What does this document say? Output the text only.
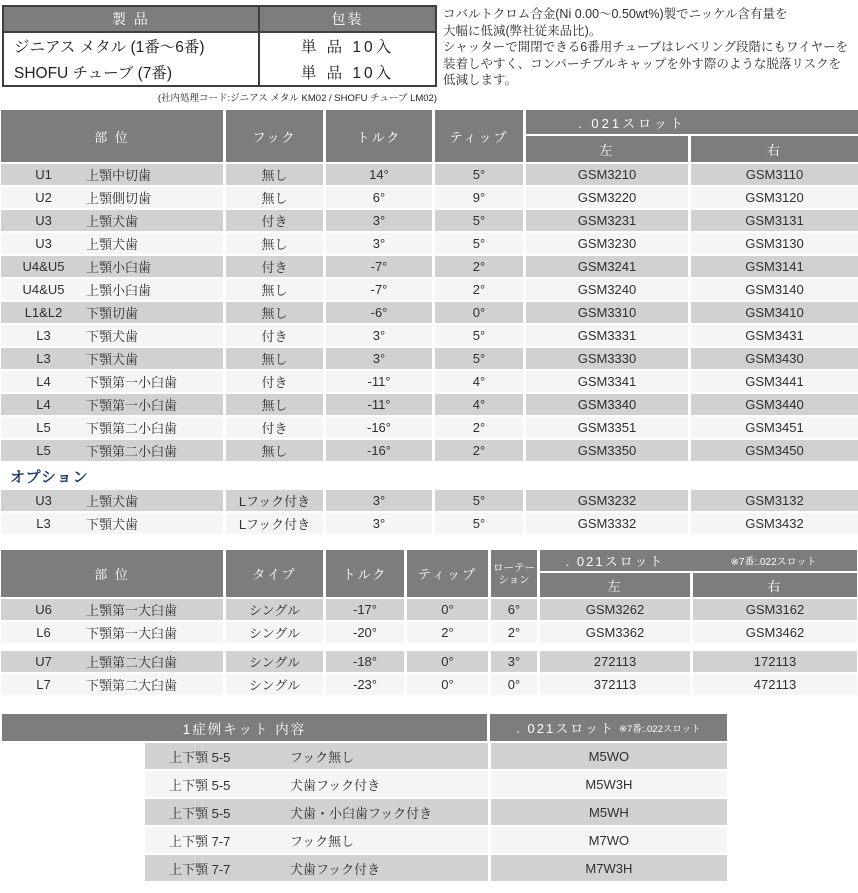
製 品	包装
ジニアス メタル (1番〜6番)	単 品 10入
SHOFU チューブ (7番)	単 品 10入
(社内処理コード:ジニアス メタル KM02 / SHOFU チューブ LM02)
コバルトクロム合金(Ni 0.00〜0.50wt%)製でニッケル含有量を
大幅に低減(弊社従来品比)。
シャッターで開閉できる6番用チューブはレベリング段階にもワイヤーを
装着しやすく、コンパーチブルキャップを外す際のような脱落リスクを
低減します。
部 位	フック	トルク	ティップ
. 021スロット
左	右
U1	上顎中切歯	無し	14°	5°	GSM3210	GSM3110
U2	上顎側切歯	無し	6°	9°	GSM3220	GSM3120
U3	上顎犬歯	付き	3°	5°	GSM3231	GSM3131
U3	上顎犬歯	無し	3°	5°	GSM3230	GSM3130
U4&U5	上顎小臼歯	付き	-7°	2°	GSM3241	GSM3141
U4&U5	上顎小臼歯	無し	-7°	2°	GSM3240	GSM3140
L1&L2	下顎切歯	無し	-6°	0°	GSM3310	GSM3410
L3	下顎犬歯	付き	3°	5°	GSM3331	GSM3431
L3	下顎犬歯	無し	3°	5°	GSM3330	GSM3430
L4	下顎第一小臼歯	付き	-11°	4°	GSM3341	GSM3441
L4	下顎第一小臼歯	無し	-11°	4°	GSM3340	GSM3440
L5	下顎第二小臼歯	付き	-16°	2°	GSM3351	GSM3451
L5	下顎第二小臼歯	無し	-16°	2°	GSM3350	GSM3450
オプション
U3	上顎犬歯	Lフック付き	3°	5°	GSM3232	GSM3132
L3	下顎犬歯	Lフック付き	3°	5°	GSM3332	GSM3432
部 位	タイプ	トルク	ティップ	ローテー
ション
. 021スロット	※7番:.022スロット
左	右
U6	上顎第一大臼歯	シングル	-17°	0°	6°	GSM3262	GSM3162
L6	下顎第一大臼歯	シングル	-20°	2°	2°	GSM3362	GSM3462
U7	上顎第二大臼歯	シングル	-18°	0°	3°	272113	172113
L7	下顎第二大臼歯	シングル	-23°	0°	0°	372113	472113
1症例キット 内容	. 021スロット ※7番:.022スロット
上下顎 5-5	フック無し	M5WO
上下顎 5-5	犬歯フック付き	M5W3H
上下顎 5-5	犬歯・小臼歯フック付き	M5WH
上下顎 7-7	フック無し	M7WO
上下顎 7-7	犬歯フック付き	M7W3H
